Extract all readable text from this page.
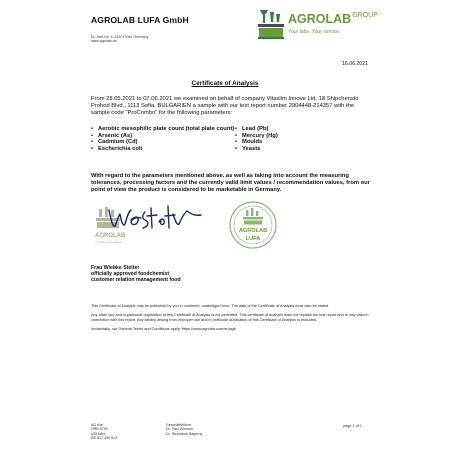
AGROLAB LUFA GmbH
Dr.-Hell-Str. 6, 24107 Kiel, Germany
www.agrolab.de
$AGROLAB^{GROUP}$
Your labs. Your service.
16.06.2021
Certificate of Analysis
From 28.05.2021 to 07.06.2021 we examined on behalf of company Vitaslim Innove Ltd, 18 Shipchenski Prohod Blvd., 1113 Sofia, BULGARIEN a sample with our test report number 2904448-214357 with the sample code "ProCombo" for the following parameters:
• Aerobic mesophilic plate count (total plate count)
• Arsenic (As)
• Cadmium (Cd)
• Escherichia coli
• Lead (Pb)
• Mercury (Hg)
• Moulds
• Yeasts
With regard to the parameters mentioned above, as well as taking into account the measuring tolerances, processing factors and the currently valid limit values / recommendation values, from our point of view the product is considered to be marketable in Germany.
AGROLAB
Your labs. Your service.
AGROLAB
LUFA
Frau Wiebke Stelter
officially approved foodchemist
customer relation management food

This Certificate of Analysis may be published by you in unaltered, unabridged form. The date of the Certificate of Analysis must also be stated.

Any other use and in particular duplication of this Certificate of Analysis is not permitted. This certificate of analysis does not replace the test report and is only valid in connection with this report. Any liability arising from improper use and in particular duplication of this Certificate of Analysis is excluded.

Incidentally, our General Terms and Conditions apply: https://www.agrolab.com/en/agb

AG Kiel
HRB 5769
USt-IdNr.
DE 812 359 514
Geschäftsführer
Dr. Paul Wimmer
Dr. Stephanie Nagorny
page 1 of 1
